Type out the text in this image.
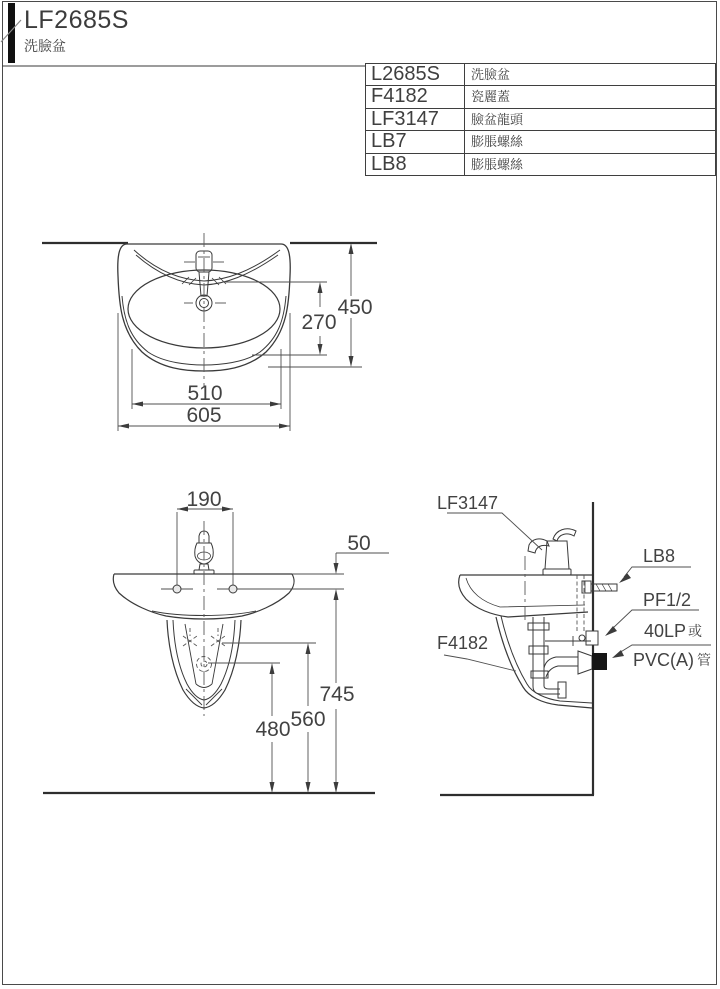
LF2685S
洗臉盆
L2685S	洗臉盆
F4182	瓷麗蓋
LF3147	臉盆龍頭
LB7	膨脹螺絲
LB8	膨脹螺絲
450
270
510
605
190
50
745
560
480
LF3147
F4182
LB8
PF1/2
40LP 或
PVC(A) 管
